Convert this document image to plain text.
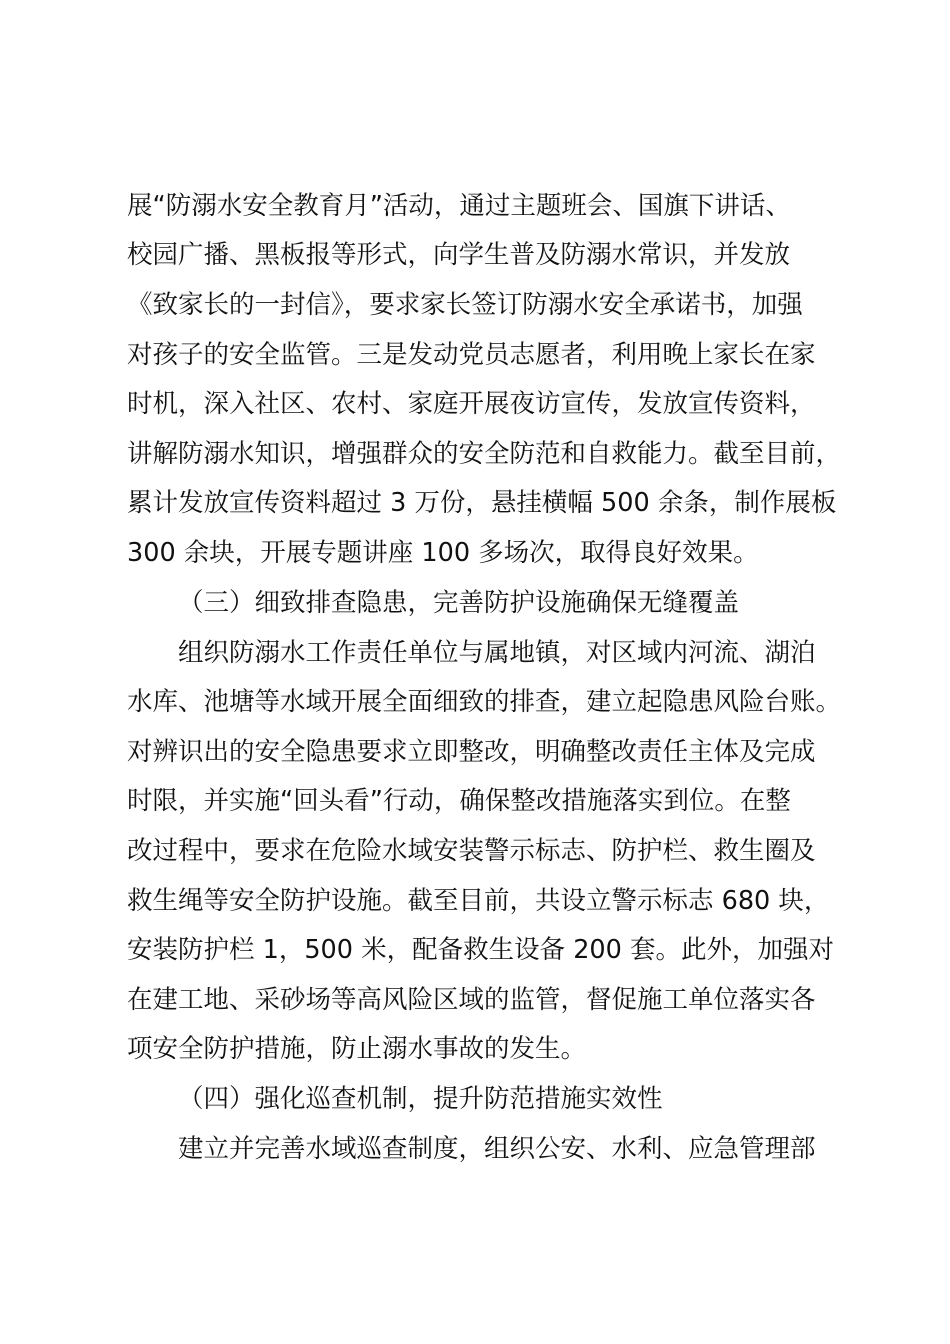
展“防溺水安全教育月”活动，通过主题班会、国旗下讲话、
校园广播、黑板报等形式，向学生普及防溺水常识，并发放
《致家长的一封信》，要求家长签订防溺水安全承诺书，加强
对孩子的安全监管。三是发动党员志愿者，利用晚上家长在家
时机，深入社区、农村、家庭开展夜访宣传，发放宣传资料，
讲解防溺水知识，增强群众的安全防范和自救能力。截至目前，
累计发放宣传资料超过 3 万份，悬挂横幅 500 余条，制作展板
300 余块，开展专题讲座 100 多场次，取得良好效果。
（三）细致排查隐患，完善防护设施确保无缝覆盖
组织防溺水工作责任单位与属地镇，对区域内河流、湖泊
水库、池塘等水域开展全面细致的排查，建立起隐患风险台账。
对辨识出的安全隐患要求立即整改，明确整改责任主体及完成
时限，并实施“回头看”行动，确保整改措施落实到位。在整
改过程中，要求在危险水域安装警示标志、防护栏、救生圈及
救生绳等安全防护设施。截至目前，共设立警示标志 680 块，
安装防护栏 1，500 米，配备救生设备 200 套。此外，加强对
在建工地、采砂场等高风险区域的监管，督促施工单位落实各
项安全防护措施，防止溺水事故的发生。
（四）强化巡查机制，提升防范措施实效性
建立并完善水域巡查制度，组织公安、水利、应急管理部
